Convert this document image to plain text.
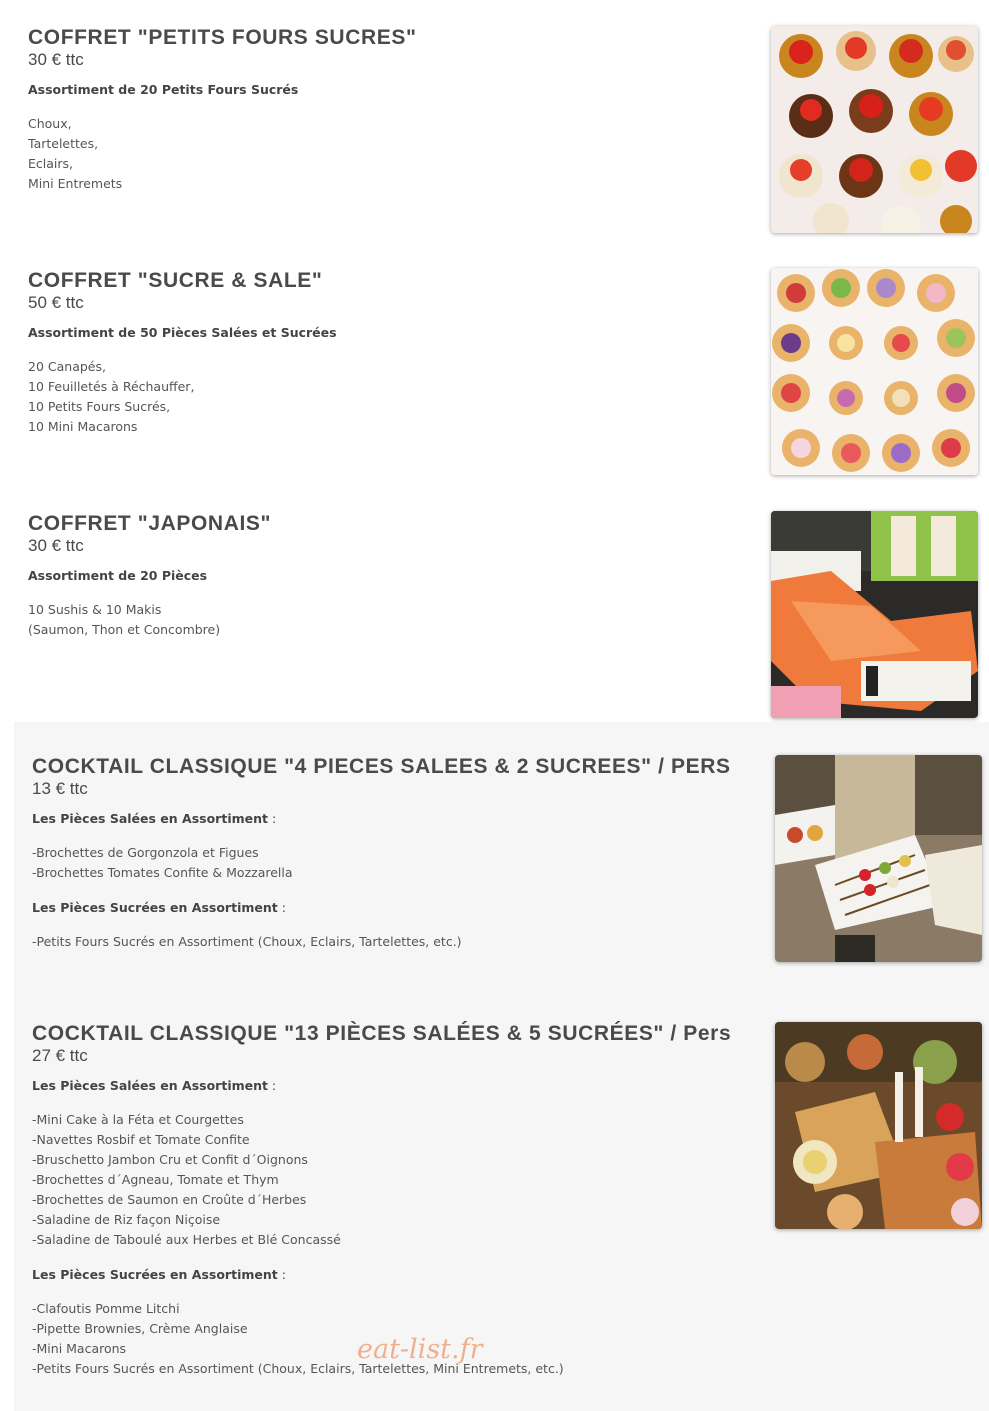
COFFRET "PETITS FOURS SUCRES"

30 € ttc

Assortiment de 20 Petits Fours Sucrés

Choux,

Tartelettes,

Eclairs,

Mini Entremets

COFFRET "SUCRE & SALE"

50 € ttc

Assortiment de 50 Pièces Salées et Sucrées

20 Canapés,

10 Feuilletés à Réchauffer,

10 Petits Fours Sucrés,

10 Mini Macarons

COFFRET "JAPONAIS"

30 € ttc

Assortiment de 20 Pièces

10 Sushis & 10 Makis

(Saumon, Thon et Concombre)

COCKTAIL CLASSIQUE "4 PIECES SALEES & 2 SUCREES" / PERS

13 € ttc

Les Pièces Salées en Assortiment :

-Brochettes de Gorgonzola et Figues

-Brochettes Tomates Confite & Mozzarella

Les Pièces Sucrées en Assortiment :

-Petits Fours Sucrés en Assortiment (Choux, Eclairs, Tartelettes, etc.)

COCKTAIL CLASSIQUE "13 PIÈCES SALÉES & 5 SUCRÉES" / Pers

27 € ttc

Les Pièces Salées en Assortiment :

-Mini Cake à la Féta et Courgettes

-Navettes Rosbif et Tomate Confite

-Bruschetto Jambon Cru et Confit d´Oignons

-Brochettes d´Agneau, Tomate et Thym

-Brochettes de Saumon en Croûte d´Herbes

-Saladine de Riz façon Niçoise

-Saladine de Taboulé aux Herbes et Blé Concassé

Les Pièces Sucrées en Assortiment :

-Clafoutis Pomme Litchi

-Pipette Brownies, Crème Anglaise

-Mini Macarons

-Petits Fours Sucrés en Assortiment (Choux, Eclairs, Tartelettes, Mini Entremets, etc.)

eat-list.fr
